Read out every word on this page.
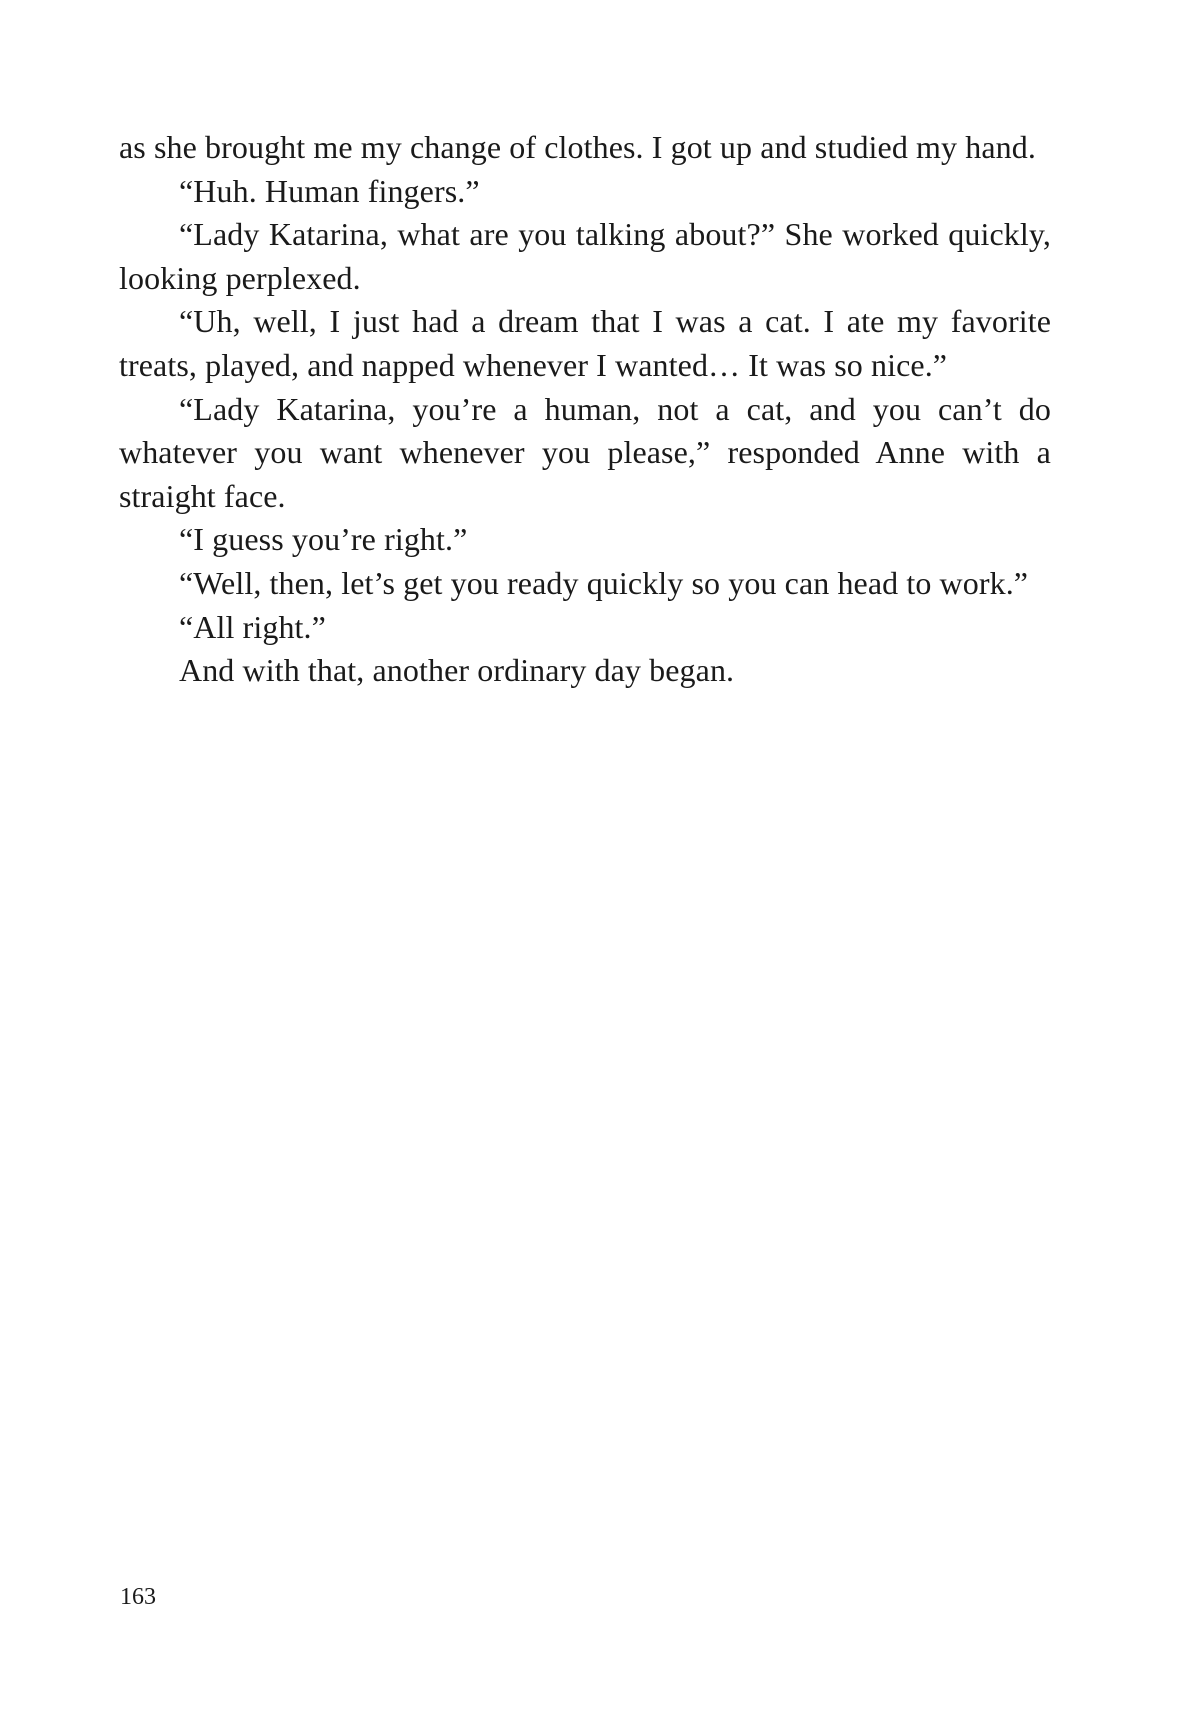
as she brought me my change of clothes. I got up and studied my hand.

“Huh. Human fingers.”

“Lady Katarina, what are you talking about?” She worked quickly, looking perplexed.

“Uh, well, I just had a dream that I was a cat. I ate my favorite treats, played, and napped whenever I wanted… It was so nice.”

“Lady Katarina, you’re a human, not a cat, and you can’t do whatever you want whenever you please,” responded Anne with a straight face.

“I guess you’re right.”

“Well, then, let’s get you ready quickly so you can head to work.”

“All right.”

And with that, another ordinary day began.

163
